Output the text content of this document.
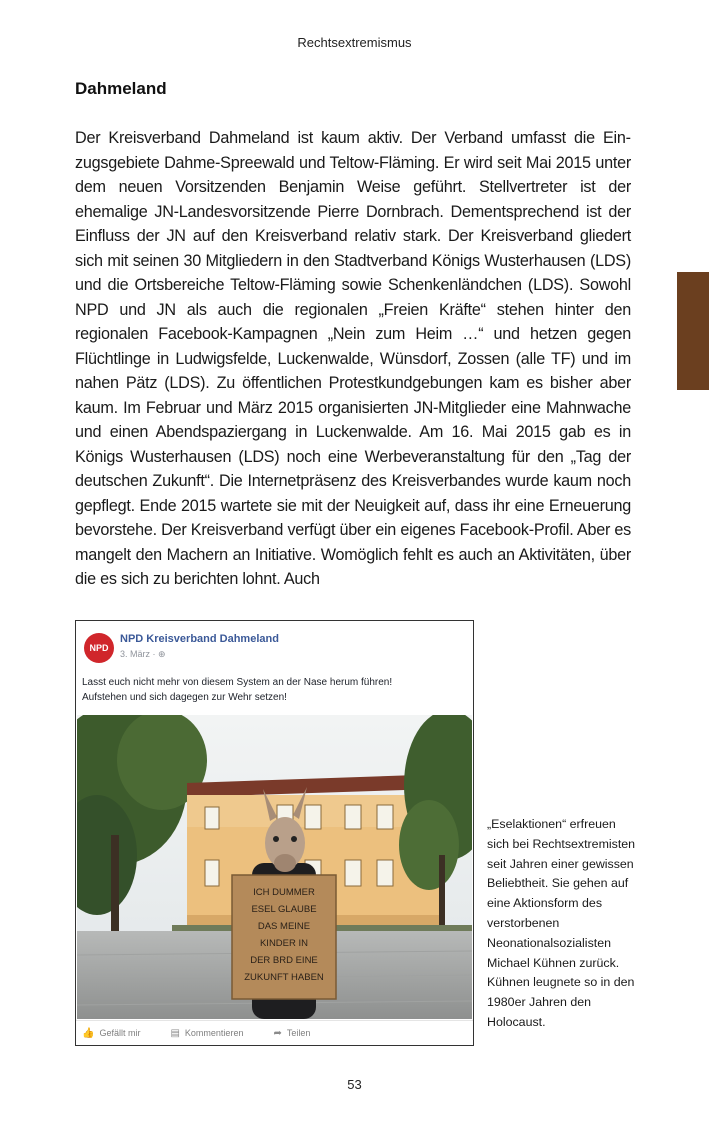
Rechtsextremismus
Dahmeland
Der Kreisverband Dahmeland ist kaum aktiv. Der Verband umfasst die Einzugsgebiete Dahme-Spreewald und Teltow-Fläming. Er wird seit Mai 2015 unter dem neuen Vorsitzenden Benjamin Weise geführt. Stellvertreter ist der ehemalige JN-Landesvorsitzende Pierre Dornbrach. Dementsprechend ist der Einfluss der JN auf den Kreisverband relativ stark. Der Kreisverband gliedert sich mit seinen 30 Mitgliedern in den Stadtverband Königs Wusterhausen (LDS) und die Ortsbereiche Teltow-Fläming sowie Schenkenländchen (LDS). Sowohl NPD und JN als auch die regionalen „Freien Kräfte“ stehen hinter den regionalen Facebook-Kampagnen „Nein zum Heim …“ und hetzen gegen Flüchtlinge in Ludwigsfelde, Luckenwalde, Wünsdorf, Zossen (alle TF) und im nahen Pätz (LDS). Zu öffentlichen Protestkundgebungen kam es bisher aber kaum. Im Februar und März 2015 organisierten JN-Mitglieder eine Mahnwache und einen Abendspaziergang in Luckenwalde. Am 16. Mai 2015 gab es in Königs Wusterhausen (LDS) noch eine Werbeveranstaltung für den „Tag der deutschen Zukunft“. Die Internetpräsenz des Kreisverbandes wurde kaum noch gepflegt. Ende 2015 wartete sie mit der Neuigkeit auf, dass ihr eine Erneuerung bevorstehe. Der Kreisverband verfügt über ein eigenes Facebook-Profil. Aber es mangelt den Machern an Initiative. Womöglich fehlt es auch an Aktivitäten, über die es sich zu berichten lohnt. Auch
NPD
NPD Kreisverband Dahmeland
3. März · ⊕
Lasst euch nicht mehr von diesem System an der Nase herum führen!
Aufstehen und sich dagegen zur Wehr setzen!
ICH DUMMER
ESEL GLAUBE
DAS MEINE
KINDER IN
DER BRD EINE
ZUKUNFT HABEN
👍 Gefällt mir	▤ Kommentieren	➦ Teilen
„Eselaktionen“ erfreuen sich bei Rechtsextremisten seit Jahren einer gewissen Beliebtheit. Sie gehen auf eine Aktionsform des verstorbenen Neonationalsozialisten Michael Kühnen zurück. Kühnen leugnete so in den 1980er Jahren den Holocaust.
53
